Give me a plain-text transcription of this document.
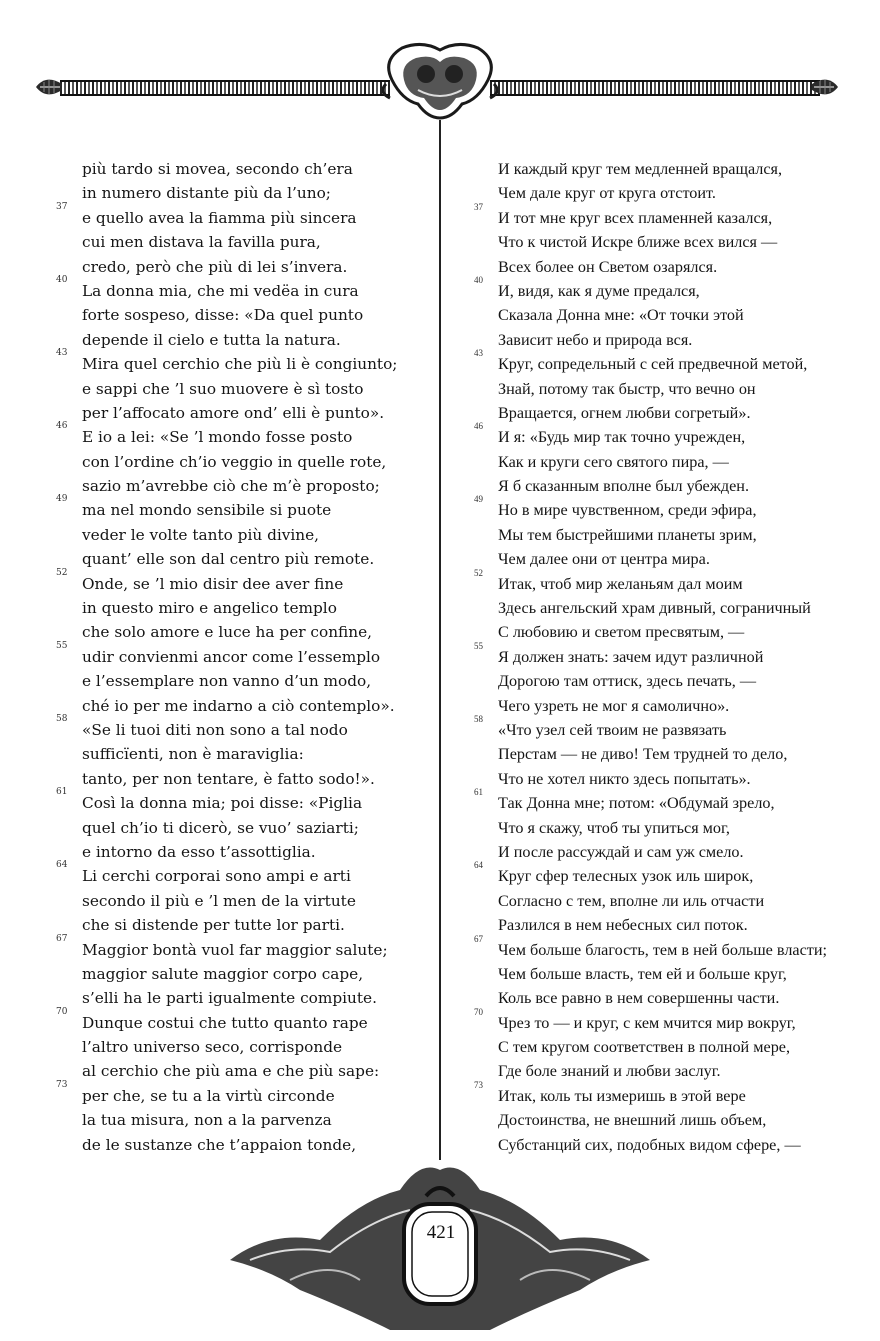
più tardo si movea, secondo ch’era
in numero distante più da l’uno;
37
e quello avea la fiamma più sincera
cui men distava la favilla pura,
credo, però che più di lei s’invera.
40
La donna mia, che mi vedëa in cura
forte sospeso, disse: «Da quel punto
depende il cielo e tutta la natura.
43
Mira quel cerchio che più li è congiunto;
e sappi che ’l suo muovere è sì tosto
per l’affocato amore ond’ elli è punto».
46
E io a lei: «Se ’l mondo fosse posto
con l’ordine ch’io veggio in quelle rote,
sazio m’avrebbe ciò che m’è proposto;
49
ma nel mondo sensibile si puote
veder le volte tanto più divine,
quant’ elle son dal centro più remote.
52
Onde, se ’l mio disir dee aver fine
in questo miro e angelico templo
che solo amore e luce ha per confine,
55
udir convienmi ancor come l’essemplo
e l’essemplare non vanno d’un modo,
ché io per me indarno a ciò contemplo».
58
«Se li tuoi diti non sono a tal nodo
sufficïenti, non è maraviglia:
tanto, per non tentare, è fatto sodo!».
61
Così la donna mia; poi disse: «Piglia
quel ch’io ti dicerò, se vuo’ saziarti;
e intorno da esso t’assottiglia.
64
Li cerchi corporai sono ampi e arti
secondo il più e ’l men de la virtute
che si distende per tutte lor parti.
67
Maggior bontà vuol far maggior salute;
maggior salute maggior corpo cape,
s’elli ha le parti igualmente compiute.
70
Dunque costui che tutto quanto rape
l’altro universo seco, corrisponde
al cerchio che più ama e che più sape:
73
per che, se tu a la virtù circonde
la tua misura, non a la parvenza
de le sustanze che t’appaion tonde,
И каждый круг тем медленней вращался,
Чем дале круг от круга отстоит.
37
И тот мне круг всех пламенней казался,
Что к чистой Искре ближе всех вился —
Всех более он Светом озарялся.
40
И, видя, как я думе предался,
Сказала Донна мне: «От точки этой
Зависит небо и природа вся.
43
Круг, сопредельный с сей предвечной метой,
Знай, потому так быстр, что вечно он
Вращается, огнем любви согретый».
46
И я: «Будь мир так точно учрежден,
Как и круги сего святого пира, —
Я б сказанным вполне был убежден.
49
Но в мире чувственном, среди эфира,
Мы тем быстрейшими планеты зрим,
Чем далее они от центра мира.
52
Итак, чтоб мир желаньям дал моим
Здесь ангельский храм дивный, сограничный
С любовию и светом пресвятым, —
55
Я должен знать: зачем идут различной
Дорогою там оттиск, здесь печать, —
Чего узреть не мог я самолично».
58
«Что узел сей твоим не развязать
Перстам — не диво! Тем трудней то дело,
Что не хотел никто здесь попытать».
61
Так Донна мне; потом: «Обдумай зрело,
Что я скажу, чтоб ты упиться мог,
И после рассуждай и сам уж смело.
64
Круг сфер телесных узок иль широк,
Согласно с тем, вполне ли иль отчасти
Разлился в нем небесных сил поток.
67
Чем больше благость, тем в ней больше власти;
Чем больше власть, тем ей и больше круг,
Коль все равно в нем совершенны части.
70
Чрез то — и круг, с кем мчится мир вокруг,
С тем кругом соответствен в полной мере,
Где боле знаний и любви заслуг.
73
Итак, коль ты измеришь в этой вере
Достоинства, не внешний лишь объем,
Субстанций сих, подобных видом сфере, —
421
